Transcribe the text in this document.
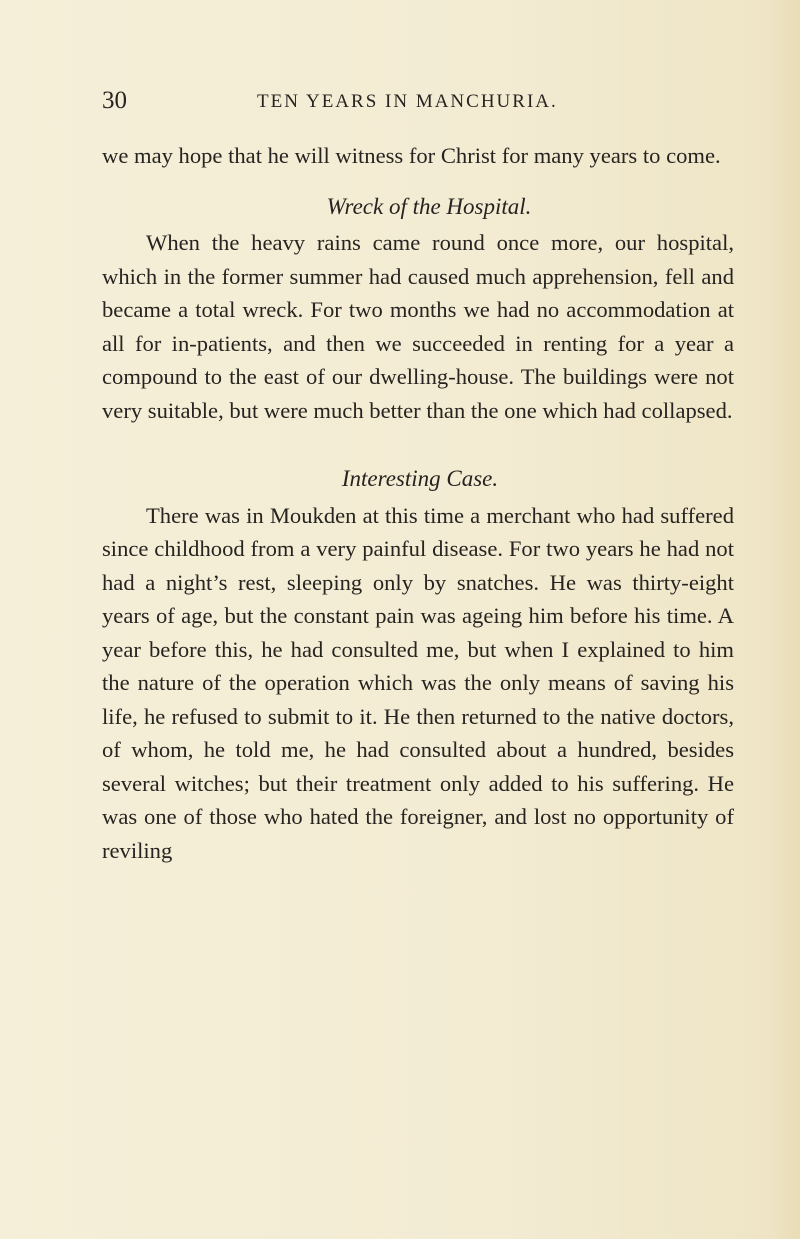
30	TEN YEARS IN MANCHURIA.

we may hope that he will witness for Christ for many years to come.

Wreck of the Hospital.

When the heavy rains came round once more, our hospital, which in the former summer had caused much apprehension, fell and became a total wreck. For two months we had no accommodation at all for in-patients, and then we succeeded in renting for a year a compound to the east of our dwelling-house. The buildings were not very suitable, but were much better than the one which had collapsed.

Interesting Case.

There was in Moukden at this time a merchant who had suffered since childhood from a very painful disease. For two years he had not had a night’s rest, sleeping only by snatches. He was thirty-eight years of age, but the constant pain was ageing him before his time. A year before this, he had consulted me, but when I explained to him the nature of the operation which was the only means of saving his life, he refused to submit to it. He then returned to the native doctors, of whom, he told me, he had consulted about a hundred, besides several witches; but their treatment only added to his suffering. He was one of those who hated the foreigner, and lost no opportunity of reviling
